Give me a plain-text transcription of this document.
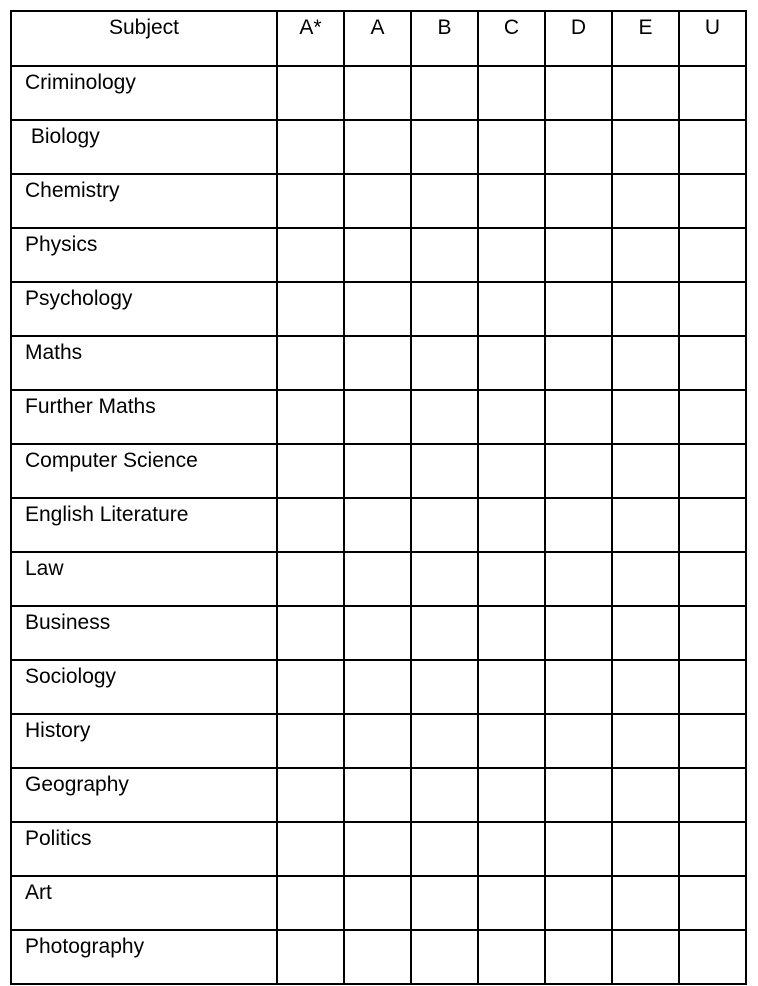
Subject	A*	A	B	C	D	E	U
Criminology							
Biology							
Chemistry							
Physics							
Psychology							
Maths							
Further Maths							
Computer Science							
English Literature							
Law							
Business							
Sociology							
History							
Geography							
Politics							
Art							
Photography							
